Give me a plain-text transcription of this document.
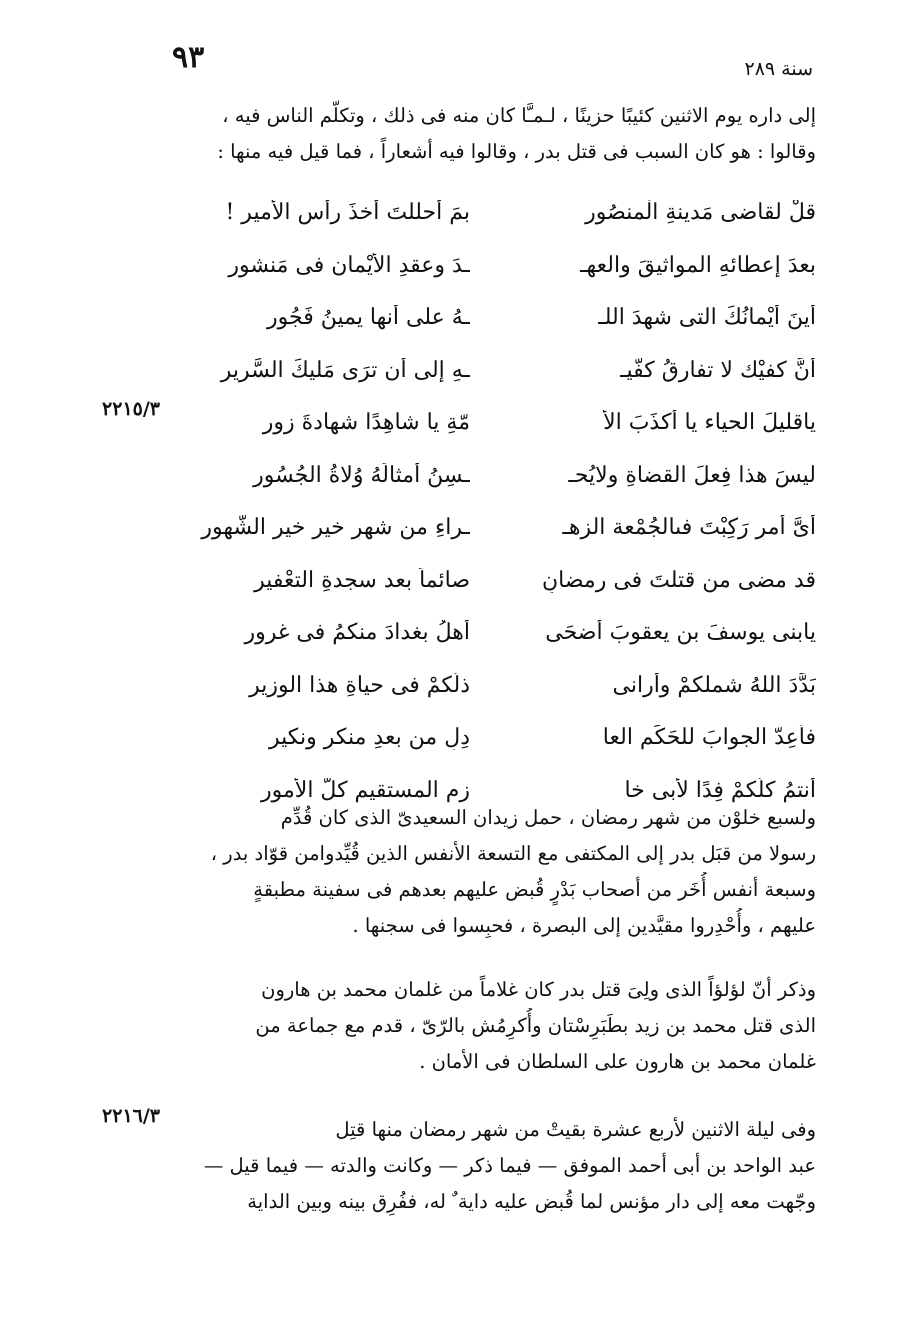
٩٣	سنة ٢٨٩
إلى داره يوم الاثنين كئيبًا حزينًا ، لـمـَّا كان منه فى ذلك ، وتكلّم الناس فيه ،
وقالوا : هو كان السبب فى قتل بدر ، وقالوا فيه أشعاراً ، فما قيل فيه منها :
قلْ لقاضى مَدينةِ الْمنصُور
بمَ أحللتَ أخذَ رأس الأمير !
بعدَ إعطائهِ المواثيقَ والعهـ
ـدَ وعقدِ الأيْمان فى مَنشور
أينَ أيْمانُكَ التى شهدَ اللـ
ـهُ على أنها يمينُ فَجُور
أنَّ كفيْك لا تفارقُ كفّيـ
ـهِ إلى أن ترَى مَليكَ السَّرير
ياقليلَ الحياء يا أكذَبَ الأ
مّةِ يا شاهِدًا شهادةَ زور
ليسَ هذا فِعلَ القضاةِ ولايُحـ
ـسِنُ أمثالَهُ وُلاةُ الجُسُور
أىَّ أمرٍ رَكِبْتَ فىالجُمْعة الزهـ
ـراءِ من شهرٍ خيرِ خيرِ الشّهور
قد مضى من قتلتَ فى رمضانٍ
صائماً بعد سجدةِ التعْفير
يابنى يوسفَ بن يعقوبَ أضحَى
أهلُ بغدادَ منكمُ فى غرور
بَدَّدَ اللهُ شملكمْ وأرانى
ذلَّكمْ فى حياةِ هذا الوزير
فأَعِدّ الجوابَ للحَكَمِ العا
دِلِ من بعدِ منكرٍ ونكير
أنتمُ كلُّكمْ فِدًا لأَبى خا
زمٍ المستقيمِ كلَّ الأمور
٢٢١٥/٣
ولسبع خلوْن من شهر رمضان ، حمل زيدان السعيدىّ الذى كان قُدِّم
رسولا من قبَل بدر إلى المكتفى مع التسعة الأنفس الذين قُيِّدوامن قوّاد بدر ،
وسبعة أنفس أُخَر من أصحاب بَدْرٍ قُبض عليهم بعدهم فى سفينة مطبقةٍ
عليهم ، وأُحْدِروا مقيَّدين إلى البصرة ، فحبِسوا فى سجنها .
وذكر أنّ لؤلؤاً الذى ولِىَ قتل بدر كان غلاماً من غلمان محمد بن هارون
الذى قتل محمد بن زيد بطَبَرِسْتان وأُكرِمُش بالرّىّ ، قدم مع جماعة من
غلمان محمد بن هارون على السلطان فى الأمان .
٢٢١٦/٣
وفى ليلة الاثنين لأربع عشرة بقيتْ من شهر رمضان منها قتِل
عبد الواحد بن أبى أحمد الموفق — فيما ذكر — وكانت والدته — فيما قيل —
وجّهت معه إلى دار مؤنس لما قُبض عليه داية ٌ له، ففُرِق بينه وبين الداية
